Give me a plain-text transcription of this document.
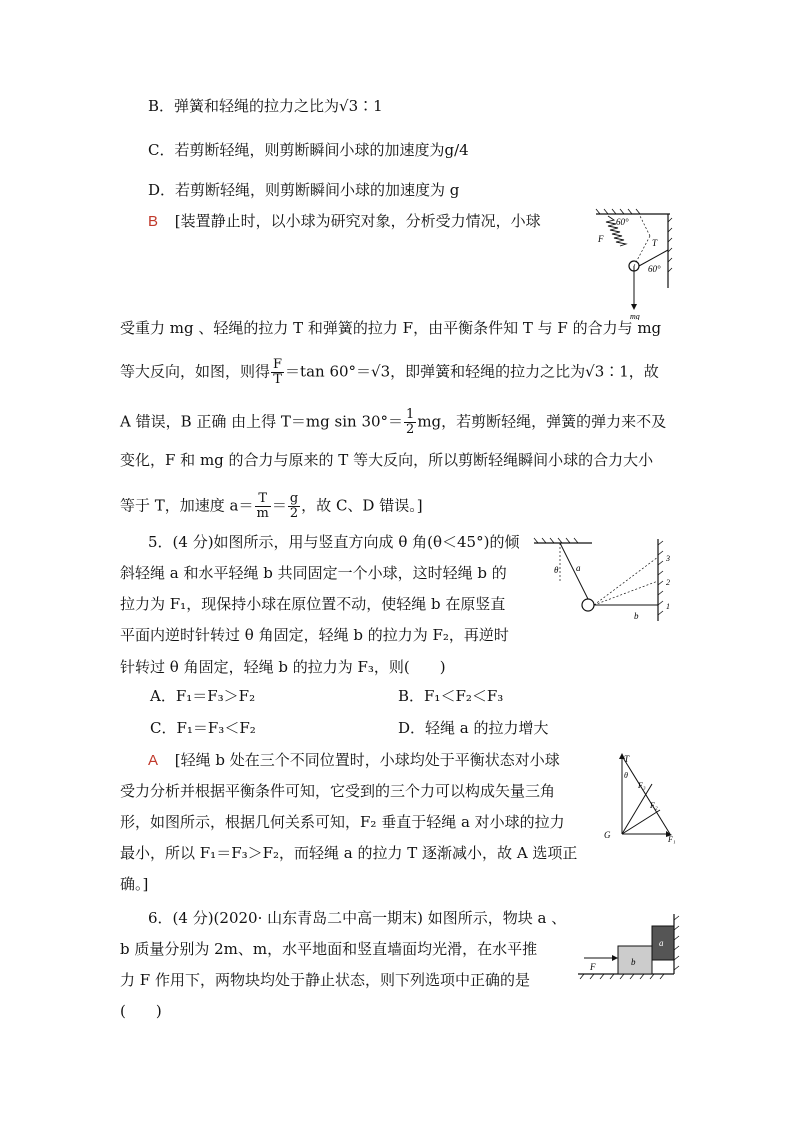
B．弹簧和轻绳的拉力之比为√3∶1
C．若剪断轻绳，则剪断瞬间小球的加速度为g/4
D．若剪断轻绳，则剪断瞬间小球的加速度为 g
B [装置静止时，以小球为研究对象，分析受力情况，小球	60°
F	T
60°
mg
受重力 mg 、轻绳的拉力 T 和弹簧的拉力 F，由平衡条件知 T 与 F 的合力与 mg
等大反向，如图，则得 $\frac{F}{T} =\tan$ 60°＝√3，即弹簧和轻绳的拉力之比为√3∶1，故
A 错误，B 正确 由上得 T＝mg $\sin 30^\circ= \frac{1}{2}$ mg，若剪断轻绳，弹簧的弹力来不及
变化，F 和 mg 的合力与原来的 T 等大反向，所以剪断轻绳瞬间小球的合力大小
等于 T，加速度 $a= \frac{T}{m} = \frac{g}{2}$ ，故 C、D 错误。]
5．(4 分)如图所示，用与竖直方向成 θ 角(θ＜45°)的倾
斜轻绳 a 和水平轻绳 b 共同固定一个小球，这时轻绳 b 的
拉力为 F₁，现保持小球在原位置不动，使轻绳 b 在原竖直
平面内逆时针转过 θ 角固定，轻绳 b 的拉力为 F₂，再逆时
针转过 θ 角固定，轻绳 b 的拉力为 F₃，则(　　)
θ a
b
1
2
3
A．F₁＝F₃＞F₂	B．F₁＜F₂＜F₃
C．F₁＝F₃＜F₂	D．轻绳 a 的拉力增大
A [轻绳 b 处在三个不同位置时，小球均处于平衡状态对小球
受力分析并根据平衡条件可知，它受到的三个力可以构成矢量三角
形，如图所示，根据几何关系可知，F₂ 垂直于轻绳 a 对小球的拉力
最小，所以 F₁＝F₃＞F₂，而轻绳 a 的拉力 T 逐渐减小，故 A 选项正
确。]
T
G	F₁
F₂
F₃
θ
6．(4 分)(2020· 山东青岛二中高一期末) 如图所示，物块 a 、
b 质量分别为 2m、m，水平地面和竖直墙面均光滑，在水平推
力 F 作用下，两物块均处于静止状态，则下列选项中正确的是
(　　)
F	b
a
